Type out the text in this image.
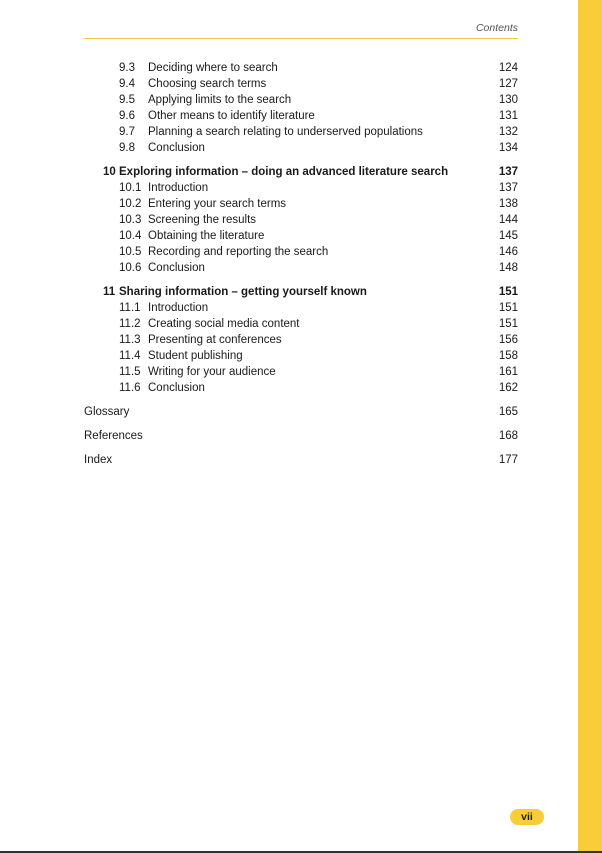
Contents
9.3 Deciding where to search	124
9.4 Choosing search terms	127
9.5 Applying limits to the search	130
9.6 Other means to identify literature	131
9.7 Planning a search relating to underserved populations	132
9.8 Conclusion	134
10 Exploring information – doing an advanced literature search	137
10.1 Introduction	137
10.2 Entering your search terms	138
10.3 Screening the results	144
10.4 Obtaining the literature	145
10.5 Recording and reporting the search	146
10.6 Conclusion	148
11 Sharing information – getting yourself known	151
11.1 Introduction	151
11.2 Creating social media content	151
11.3 Presenting at conferences	156
11.4 Student publishing	158
11.5 Writing for your audience	161
11.6 Conclusion	162
Glossary	165
References	168
Index	177
vii
